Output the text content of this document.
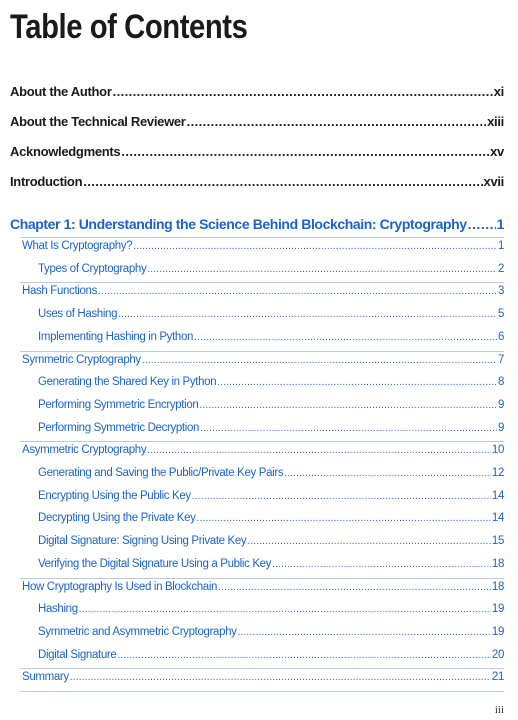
Table of Contents
About the Author .....	xi
About the Technical Reviewer .....	xiii
Acknowledgments .....	xv
Introduction .....	xvii
Chapter 1: Understanding the Science Behind Blockchain: Cryptography ..... 1
What Is Cryptography? .....	1
Types of Cryptography .....	2
Hash Functions .....	3
Uses of Hashing .....	5
Implementing Hashing in Python .....	6
Symmetric Cryptography .....	7
Generating the Shared Key in Python .....	8
Performing Symmetric Encryption .....	9
Performing Symmetric Decryption .....	9
Asymmetric Cryptography .....	10
Generating and Saving the Public/Private Key Pairs .....	12
Encrypting Using the Public Key .....	14
Decrypting Using the Private Key .....	14
Digital Signature: Signing Using Private Key .....	15
Verifying the Digital Signature Using a Public Key .....	18
How Cryptography Is Used in Blockchain .....	18
Hashing .....	19
Symmetric and Asymmetric Cryptography .....	19
Digital Signature .....	20
Summary .....	21
iii
